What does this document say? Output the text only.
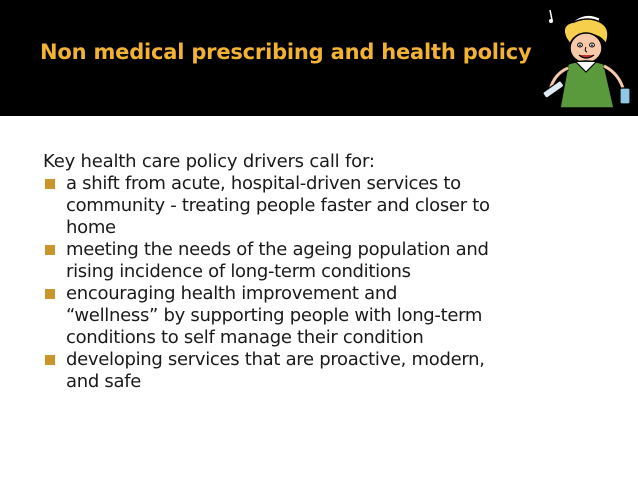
Non medical prescribing and health policy

Key health care policy drivers call for:

a shift from acute, hospital-driven services to
community - treating people faster and closer to
home
meeting the needs of the ageing population and
rising incidence of long-term conditions
encouraging health improvement and
“wellness” by supporting people with long-term
conditions to self manage their condition
developing services that are proactive, modern,
and safe
